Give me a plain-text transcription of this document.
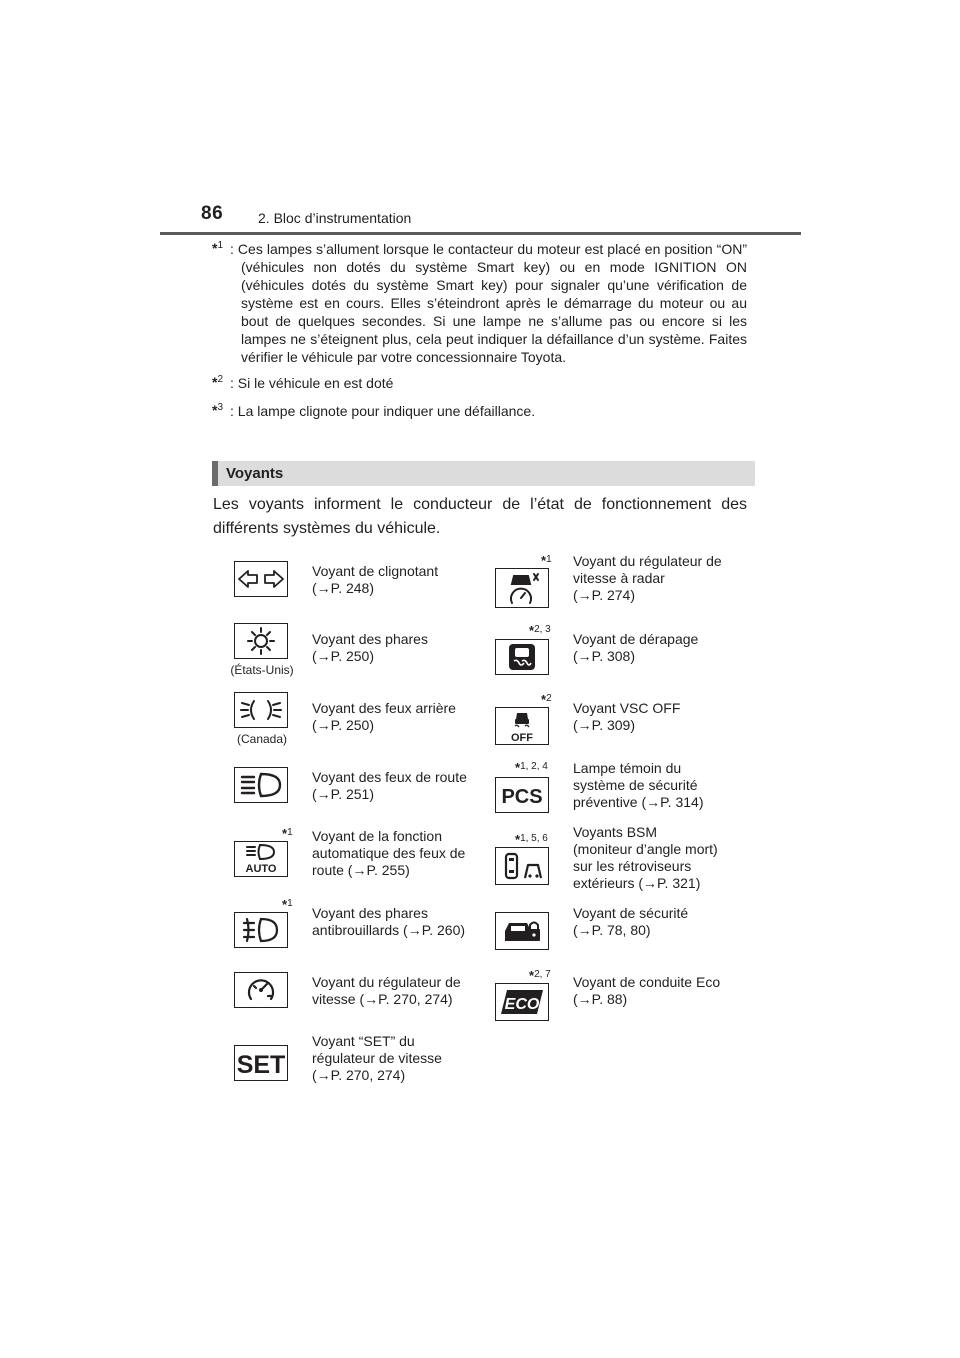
86 2. Bloc d’instrumentation
*$^1$ : Ces lampes s’allument lorsque le contacteur du moteur est placé en position “ON” (véhicules non dotés du système Smart key) ou en mode IGNITION ON (véhicules dotés du système Smart key) pour signaler qu’une vérification de système est en cours. Elles s’éteindront après le démarrage du moteur ou au bout de quelques secondes. Si une lampe ne s’allume pas ou encore si les lampes ne s’éteignent plus, cela peut indiquer la défaillance d’un système. Faites vérifier le véhicule par votre concessionnaire Toyota.
*$^2$ : Si le véhicule en est doté
*$^3$ : La lampe clignote pour indiquer une défaillance.
Voyants
Les voyants informent le conducteur de l’état de fonctionnement des différents systèmes du véhicule.
Voyant de clignotant
(→P. 248)
(États-Unis)
Voyant des phares
(→P. 250)
(Canada)
Voyant des feux arrière
(→P. 250)
Voyant des feux de route
(→P. 251)
*$^1$
AUTO
Voyant de la fonction
automatique des feux de
route (→P. 255)
*$^1$
Voyant des phares
antibrouillards (→P. 260)
Voyant du régulateur de
vitesse (→P. 270, 274)
SET
Voyant “SET” du
régulateur de vitesse
(→P. 270, 274)
*$^1$ Voyant du régulateur de
vitesse à radar
(→P. 274)
*$^{2, 3}$
Voyant de dérapage
(→P. 308)
*$^2$
OFF
Voyant VSC OFF
(→P. 309)
*$^{1, 2, 4}$
PCS
Lampe témoin du
système de sécurité
préventive (→P. 314)
*$^{1, 5, 6}$ Voyants BSM
(moniteur d’angle mort)
sur les rétroviseurs
extérieurs (→P. 321)
Voyant de sécurité
(→P. 78, 80)
*$^{2, 7}$
ECO
Voyant de conduite Eco
(→P. 88)
